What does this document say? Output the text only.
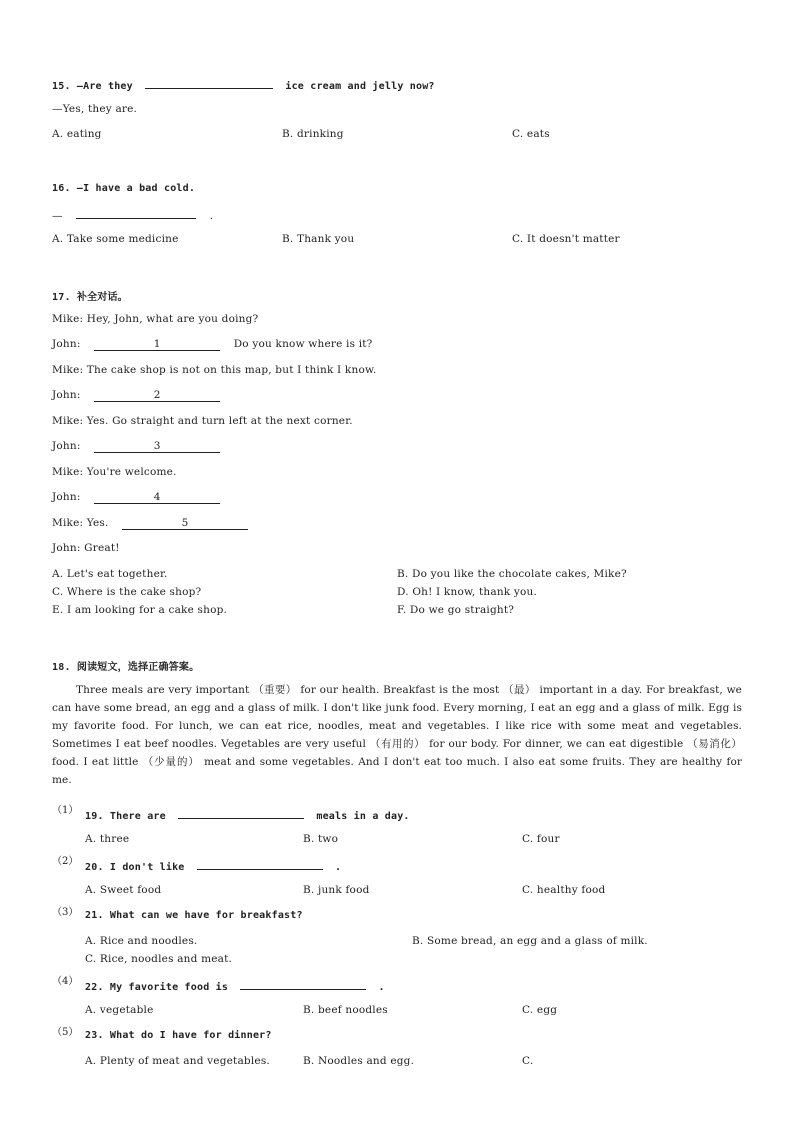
15. —Are they	ice cream and jelly now?
—Yes, they are.
A. eating	B. drinking	C. eats
16. —I have a bad cold.
—	.
A. Take some medicine	B. Thank you	C. It doesn't matter
17. 补全对话。
Mike: Hey, John, what are you doing?
John:	1	Do you know where is it?
Mike: The cake shop is not on this map, but I think I know.
John:	2
Mike: Yes. Go straight and turn left at the next corner.
John:	3
Mike: You're welcome.
John:	4
Mike: Yes.	5
John: Great!
A. Let's eat together.	B. Do you like the chocolate cakes, Mike?
C. Where is the cake shop?	D. Oh! I know, thank you.
E. I am looking for a cake shop.	F. Do we go straight?
18. 阅读短文，选择正确答案。
Three meals are very important （重要） for our health. Breakfast is the most （最） important in a day. For breakfast, we can have some bread, an egg and a glass of milk. I don't like junk food. Every morning, I eat an egg and a glass of milk. Egg is my favorite food. For lunch, we can eat rice, noodles, meat and vegetables. I like rice with some meat and vegetables. Sometimes I eat beef noodles. Vegetables are very useful （有用的） for our body. For dinner, we can eat digestible （易消化） food. I eat little （少量的） meat and some vegetables. And I don't eat too much. I also eat some fruits. They are healthy for me.
（1）
19. There are	meals in a day.
A. three	B. two	C. four
（2）
20. I don't like	.
A. Sweet food	B. junk food	C. healthy food
（3） 21. What can we have for breakfast?
A. Rice and noodles.	B. Some bread, an egg and a glass of milk.
C. Rice, noodles and meat.
（4）
22. My favorite food is	.
A. vegetable	B. beef noodles	C. egg
（5） 23. What do I have for dinner?
A. Plenty of meat and vegetables.	B. Noodles and egg.	C.
